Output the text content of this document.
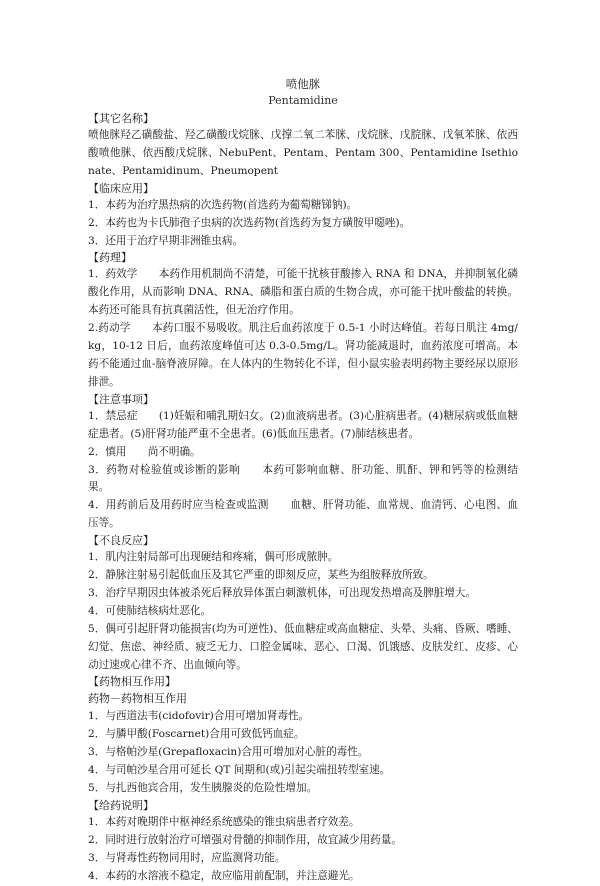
喷他脒

Pentamidine

【其它名称】

喷他脒羟乙磺酸盐、羟乙磺酸戊烷脒、戊撑二氧二苯脒、戊烷脒、戊脘脒、戊氧苯脒、依西酸喷他脒、依西酸戊烷脒、NebuPent、Pentam、Pentam 300、Pentamidine Isethionate、Pentamidinum、Pneumopent

【临床应用】

1．本药为治疗黑热病的次选药物(首选药为葡萄糖锑钠)。

2．本药也为卡氏肺孢子虫病的次选药物(首选药为复方磺胺甲噁唑)。

3．还用于治疗早期非洲锥虫病。

【药理】

1．药效学　　本药作用机制尚不清楚，可能干扰核苷酸掺入 RNA 和 DNA，并抑制氧化磷酸化作用，从而影响 DNA、RNA、磷脂和蛋白质的生物合成，亦可能干扰叶酸盐的转换。本药还可能具有抗真菌活性，但无治疗作用。

2.药动学　　本药口服不易吸收。肌注后血药浓度于 0.5-1 小时达峰值。若每日肌注 4mg/kg，10-12 日后，血药浓度峰值可达 0.3-0.5mg/L。肾功能减退时，血药浓度可增高。本药不能通过血-脑脊液屏障。在人体内的生物转化不详，但小鼠实验表明药物主要经尿以原形排泄。

【注意事项】

1．禁忌症　　(1)妊娠和哺乳期妇女。(2)血液病患者。(3)心脏病患者。(4)糖尿病或低血糖症患者。(5)肝肾功能严重不全患者。(6)低血压患者。(7)肺结核患者。

2．慎用　　尚不明确。

3．药物对检验值或诊断的影响　　本药可影响血糖、肝功能、肌酐、钾和钙等的检测结果。

4．用药前后及用药时应当检查或监测　　血糖、肝肾功能、血常规、血清钙、心电图、血压等。

【不良反应】

1．肌内注射局部可出现硬结和疼痛，偶可形成脓肿。

2．静脉注射易引起低血压及其它严重的即刻反应，某些为组胺释放所致。

3．治疗早期因虫体被杀死后释放异体蛋白刺激机体，可出现发热增高及脾脏增大。

4．可使肺结核病灶恶化。

5．偶可引起肝肾功能损害(均为可逆性)、低血糖症或高血糖症、头晕、头痛、昏厥、嗜睡、幻觉、焦虑、神经质、疲乏无力、口腔金属味、恶心、口渴、饥饿感、皮肤发红、皮疹、心动过速或心律不齐、出血倾向等。

【药物相互作用】

药物－药物相互作用

1．与西道法韦(cidofovir)合用可增加肾毒性。

2．与膦甲酸(Foscarnet)合用可致低钙血症。

3．与格帕沙星(Grepafloxacin)合用可增加对心脏的毒性。

4．与司帕沙星合用可延长 QT 间期和(或)引起尖端扭转型室速。

5．与扎西他宾合用，发生胰腺炎的危险性增加。

【给药说明】

1．本药对晚期伴中枢神经系统感染的锥虫病患者疗效差。

2．同时进行放射治疗可增强对骨髓的抑制作用，故宜减少用药量。

3．与肾毒性药物同用时，应监测肾功能。

4．本药的水溶液不稳定，故应临用前配制，并注意避光。
